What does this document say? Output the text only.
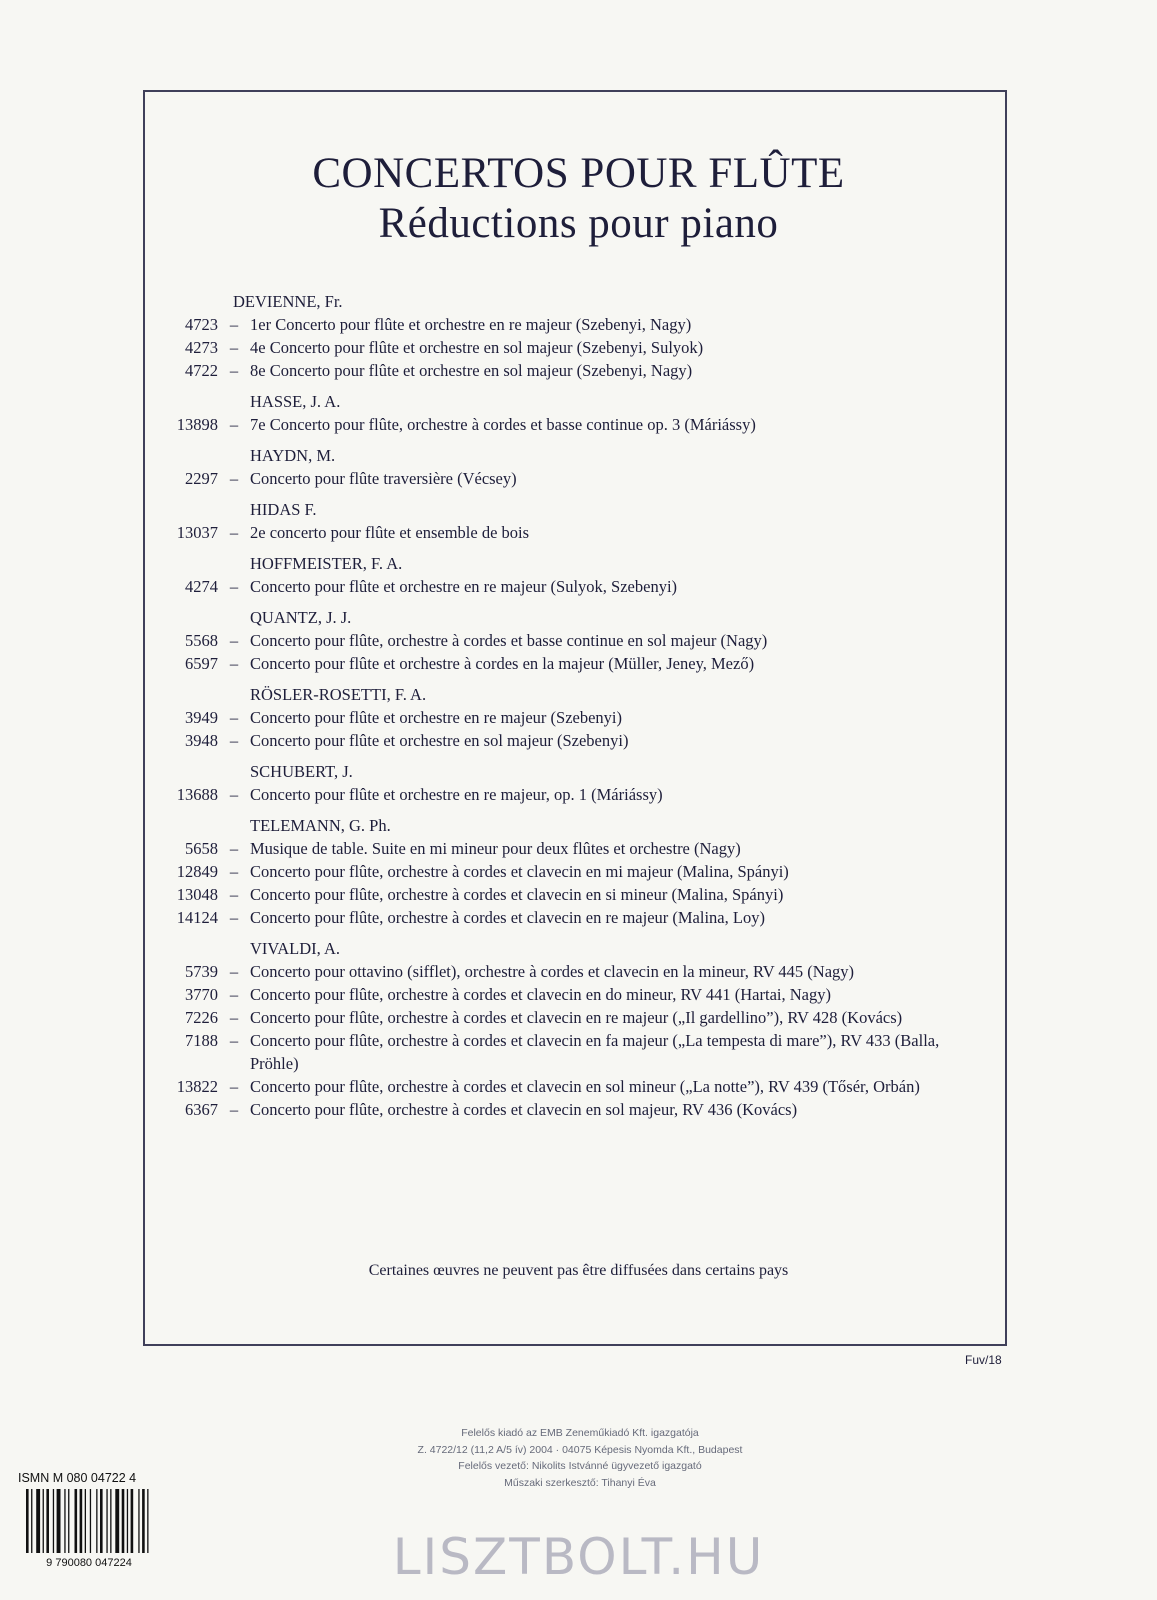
CONCERTOS POUR FLÛTE
Réductions pour piano
DEVIENNE, Fr.
4723 – 1er Concerto pour flûte et orchestre en re majeur (Szebenyi, Nagy)
4273 – 4e Concerto pour flûte et orchestre en sol majeur (Szebenyi, Sulyok)
4722 – 8e Concerto pour flûte et orchestre en sol majeur (Szebenyi, Nagy)
HASSE, J. A.
13898 – 7e Concerto pour flûte, orchestre à cordes et basse continue op. 3 (Máriássy)
HAYDN, M.
2297 – Concerto pour flûte traversière (Vécsey)
HIDAS F.
13037 – 2e concerto pour flûte et ensemble de bois
HOFFMEISTER, F. A.
4274 – Concerto pour flûte et orchestre en re majeur (Sulyok, Szebenyi)
QUANTZ, J. J.
5568 – Concerto pour flûte, orchestre à cordes et basse continue en sol majeur (Nagy)
6597 – Concerto pour flûte et orchestre à cordes en la majeur (Müller, Jeney, Mező)
RÖSLER-ROSETTI, F. A.
3949 – Concerto pour flûte et orchestre en re majeur (Szebenyi)
3948 – Concerto pour flûte et orchestre en sol majeur (Szebenyi)
SCHUBERT, J.
13688 – Concerto pour flûte et orchestre en re majeur, op. 1 (Máriássy)
TELEMANN, G. Ph.
5658 – Musique de table. Suite en mi mineur pour deux flûtes et orchestre (Nagy)
12849 – Concerto pour flûte, orchestre à cordes et clavecin en mi majeur (Malina, Spányi)
13048 – Concerto pour flûte, orchestre à cordes et clavecin en si mineur (Malina, Spányi)
14124 – Concerto pour flûte, orchestre à cordes et clavecin en re majeur (Malina, Loy)
VIVALDI, A.
5739 – Concerto pour ottavino (sifflet), orchestre à cordes et clavecin en la mineur, RV 445 (Nagy)
3770 – Concerto pour flûte, orchestre à cordes et clavecin en do mineur, RV 441 (Hartai, Nagy)
7226 – Concerto pour flûte, orchestre à cordes et clavecin en re majeur („Il gardellino”), RV 428 (Kovács)
7188 – Concerto pour flûte, orchestre à cordes et clavecin en fa majeur („La tempesta di mare”), RV 433 (Balla, Pröhle)
13822 – Concerto pour flûte, orchestre à cordes et clavecin en sol mineur („La notte”), RV 439 (Tősér, Orbán)
6367 – Concerto pour flûte, orchestre à cordes et clavecin en sol majeur, RV 436 (Kovács)
Certaines œuvres ne peuvent pas être diffusées dans certains pays
Fuv/18
Felelős kiadó az EMB Zeneműkiadó Kft. igazgatója
Z. 4722/12 (11,2 A/5 ív) 2004 · 04075 Képesis Nyomda Kft., Budapest
Felelős vezető: Nikolits Istvánné ügyvezető igazgató
Műszaki szerkesztő: Tihanyi Éva
ISMN M 080 04722 4
9 790080 047224	LISZTBOLT.HU
